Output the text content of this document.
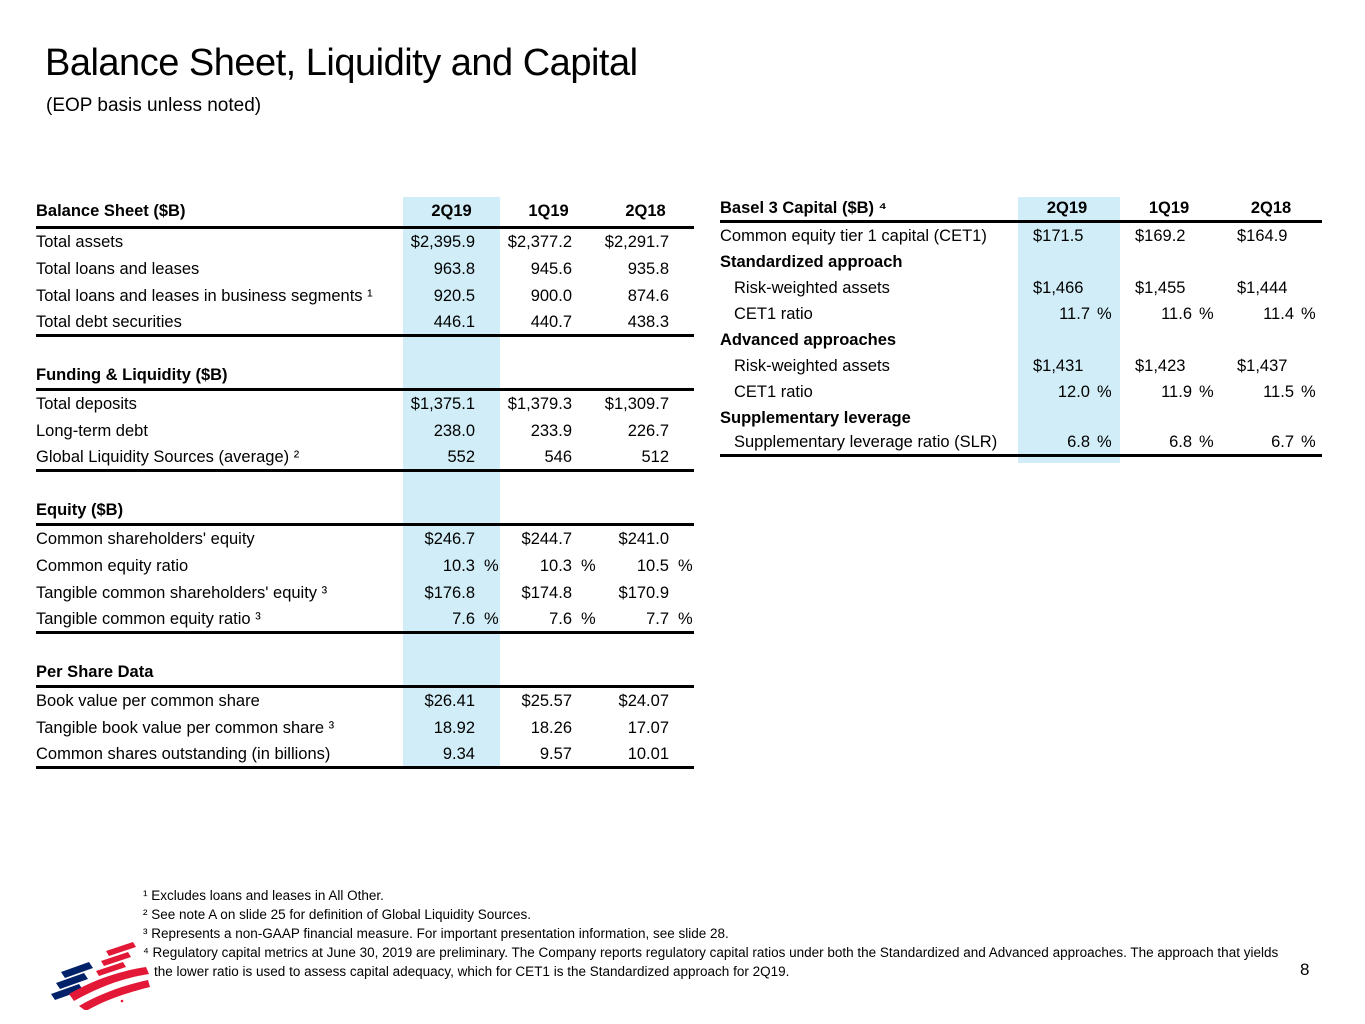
Balance Sheet, Liquidity and Capital
(EOP basis unless noted)
Balance Sheet ($B)	2Q19	1Q19	2Q18
Total assets	$2,395.9	$2,377.2	$2,291.7
Total loans and leases	963.8	945.6	935.8
Total loans and leases in business segments ¹	920.5	900.0	874.6
Total debt securities	446.1	440.7	438.3
Funding & Liquidity ($B)
Total deposits	$1,375.1	$1,379.3	$1,309.7
Long-term debt	238.0	233.9	226.7
Global Liquidity Sources (average) ²	552	546	512
Equity ($B)
Common shareholders' equity	$246.7	$244.7	$241.0
Common equity ratio	10.3 %	10.3 %	10.5 %
Tangible common shareholders' equity ³	$176.8	$174.8	$170.9
Tangible common equity ratio ³	7.6 %	7.6 %	7.7 %
Per Share Data
Book value per common share	$26.41	$25.57	$24.07
Tangible book value per common share ³	18.92	18.26	17.07
Common shares outstanding (in billions)	9.34	9.57	10.01
Basel 3 Capital ($B) ⁴	2Q19	1Q19	2Q18
Common equity tier 1 capital (CET1)	$171.5	$169.2	$164.9
Standardized approach
Risk-weighted assets	$1,466	$1,455	$1,444
CET1 ratio	11.7 %	11.6 %	11.4 %
Advanced approaches
Risk-weighted assets	$1,431	$1,423	$1,437
CET1 ratio	12.0 %	11.9 %	11.5 %
Supplementary leverage
Supplementary leverage ratio (SLR)	6.8 %	6.8 %	6.7 %
¹ Excludes loans and leases in All Other.
² See note A on slide 25 for definition of Global Liquidity Sources.
³ Represents a non-GAAP financial measure. For important presentation information, see slide 28.
⁴ Regulatory capital metrics at June 30, 2019 are preliminary. The Company reports regulatory capital ratios under both the Standardized and Advanced approaches. The approach that yields
the lower ratio is used to assess capital adequacy, which for CET1 is the Standardized approach for 2Q19.	8
